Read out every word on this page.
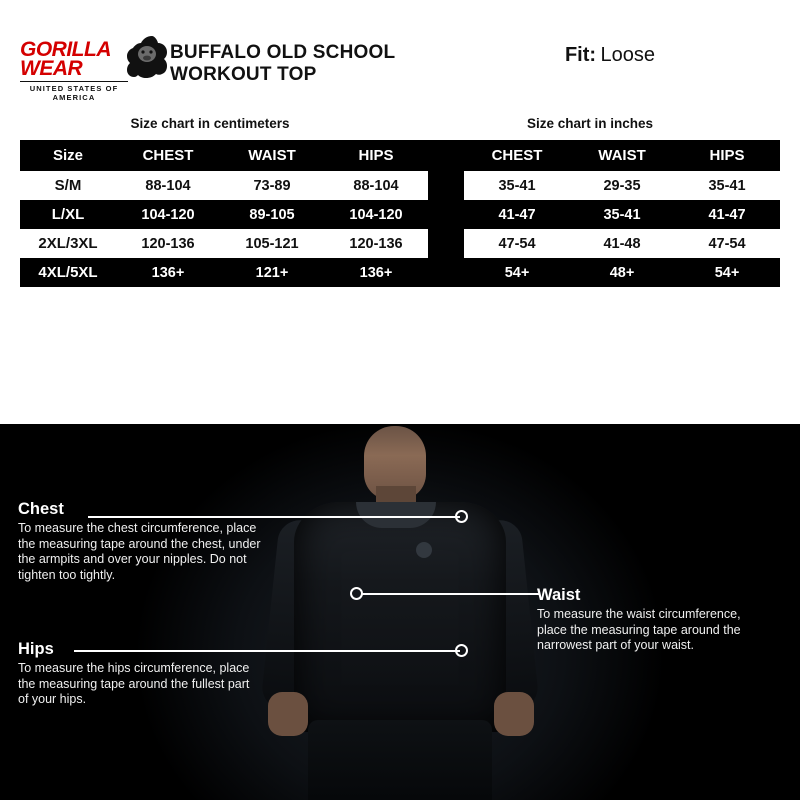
GORILLA
WEAR
UNITED STATES OF AMERICA
BUFFALO OLD SCHOOL WORKOUT TOP
Fit: Loose
Size chart in centimeters	Size chart in inches
Size	CHEST	WAIST	HIPS		CHEST	WAIST	HIPS
S/M	88-104	73-89	88-104		35-41	29-35	35-41
L/XL	104-120	89-105	104-120		41-47	35-41	41-47
2XL/3XL	120-136	105-121	120-136		47-54	41-48	47-54
4XL/5XL	136+	121+	136+		54+	48+	54+
Chest
To measure the chest circumference, place the measuring tape around the chest, under the armpits and over your nipples. Do not tighten too tightly.
Hips
To measure the hips circumference, place the measuring tape around the fullest part of your hips.
Waist
To measure the waist circumference, place the measuring tape around the narrowest part of your waist.
